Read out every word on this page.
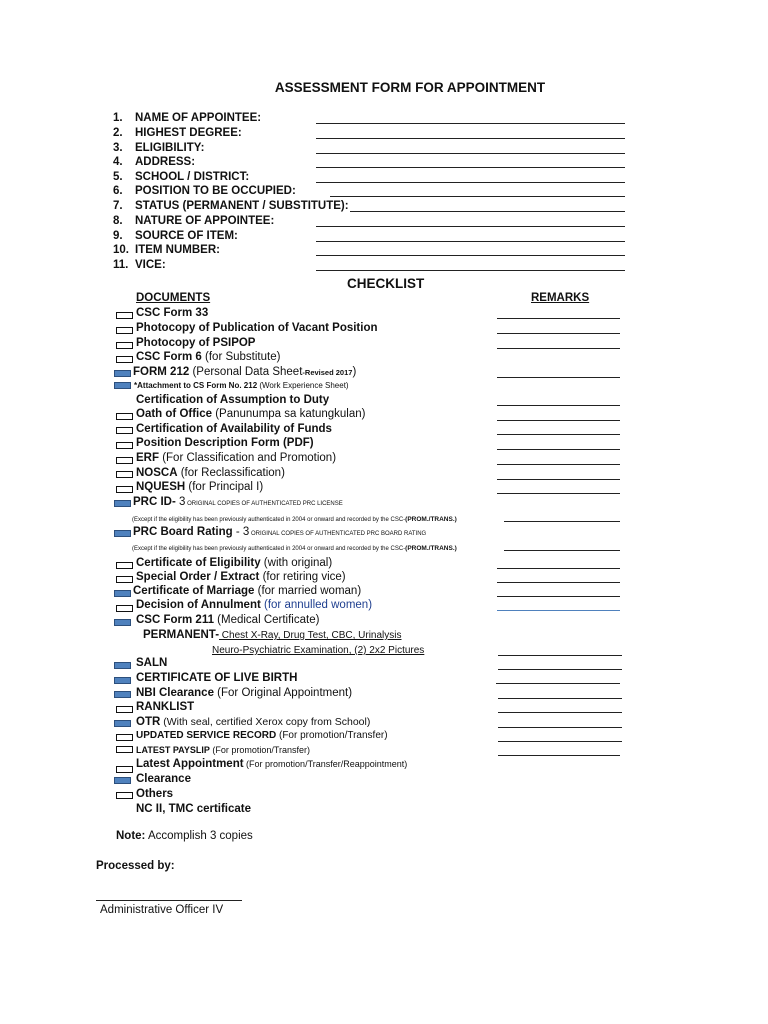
ASSESSMENT FORM FOR APPOINTMENT
1. NAME OF APPOINTEE:
2. HIGHEST DEGREE:
3. ELIGIBILITY:
4. ADDRESS:
5. SCHOOL / DISTRICT:
6. POSITION TO BE OCCUPIED:
7. STATUS (PERMANENT / SUBSTITUTE):
8. NATURE OF APPOINTEE:
9. SOURCE OF ITEM:
10. ITEM NUMBER:
11. VICE:
CHECKLIST
DOCUMENTS	REMARKS
CSC Form 33
Photocopy of Publication of Vacant Position
Photocopy of PSIPOP
CSC Form 6 (for Substitute)
FORM 212 (Personal Data Sheet-Revised 2017)
*Attachment to CS Form No. 212 (Work Experience Sheet)
Certification of Assumption to Duty
Oath of Office (Panunumpa sa katungkulan)
Certification of Availability of Funds
Position Description Form (PDF)
ERF (For Classification and Promotion)
NOSCA (for Reclassification)
NQUESH (for Principal I)
PRC ID- 3 ORIGINAL COPIES OF AUTHENTICATED PRC LICENSE
(Except if the eligibility has been previously authenticated in 2004 or onward and recorded by the CSC-(PROM./TRANS.)
PRC Board Rating - 3 ORIGINAL COPIES OF AUTHENTICATED PRC BOARD RATING
(Except if the eligibility has been previously authenticated in 2004 or onward and recorded by the CSC-(PROM./TRANS.)
Certificate of Eligibility (with original)
Special Order / Extract (for retiring vice)
Certificate of Marriage (for married woman)
Decision of Annulment (for annulled women)
CSC Form 211 (Medical Certificate)
PERMANENT- Chest X-Ray, Drug Test, CBC, Urinalysis
Neuro-Psychiatric Examination, (2) 2x2 Pictures
SALN
CERTIFICATE OF LIVE BIRTH
NBI Clearance (For Original Appointment)
RANKLIST
OTR (With seal, certified Xerox copy from School)
UPDATED SERVICE RECORD (For promotion/Transfer)
LATEST PAYSLIP (For promotion/Transfer)
Latest Appointment (For promotion/Transfer/Reappointment)
Clearance
Others
NC II, TMC certificate
Note: Accomplish 3 copies
Processed by:
Administrative Officer IV
